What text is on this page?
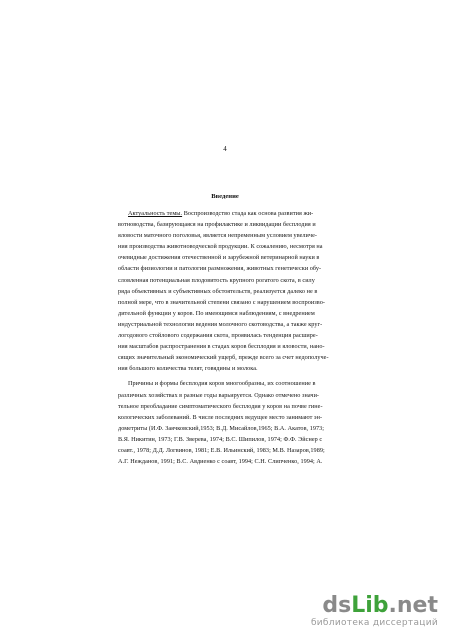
4
Введение
Актуальность темы. Воспроизводство стада как основа развития жи-
вотноводства, базирующаяся на профилактике и ликвидации бесплодия и
яловости маточного поголовья, является непременным условием увеличе-
ния производства животноводческой продукции. К сожалению, несмотря на
очевидные достижения отечественной и зарубежной ветеринарной науки в
области физиологии и патологии размножения, животных генетически обу-
словленная потенциальная плодовитость крупного рогатого скота, в силу
ряда объективных и субъективных обстоятельств, реализуется далеко не в
полной мере, что в значительной степени связано с нарушением воспроизво-
дительной функции у коров. По имеющимся наблюдениям, с внедрением
индустриальной технологии ведения молочного скотоводства, а также круг-
логодового стойлового содержания скота, проявилась тенденция расшире-
ния масштабов распространения в стадах коров бесплодия и яловости, нано-
сящих значительный экономический ущерб, прежде всего за счет недополуче-
ния большого количества телят, говядины и молока.
Причины и формы бесплодия коров многообразны, их соотношение в
различных хозяйствах в разные годы варьируется. Однако отмечено значи-
тельное преобладание симптоматического бесплодия у коров на почве гине-
кологических заболеваний. В числе последних ведущее место занимают эн-
дометриты (И.Ф. Заячковский,1953; В.Д. Мисайлов,1965; В.А. Акатов, 1973;
В.Я. Никитин, 1973; Г.В. Зверева, 1974; В.С. Шипилов, 1974; Ф.Ф. Эйснер с
соавт., 1978; Д.Д. Логвинов, 1981; Е.В. Ильинский, 1983; М.В. Назаров,1989;
А.Г. Нежданов, 1991; В.С. Авдиенко с соавт, 1994; С.Н. Слипченко, 1994; А.
dsLib.net
библиотека диссертаций
